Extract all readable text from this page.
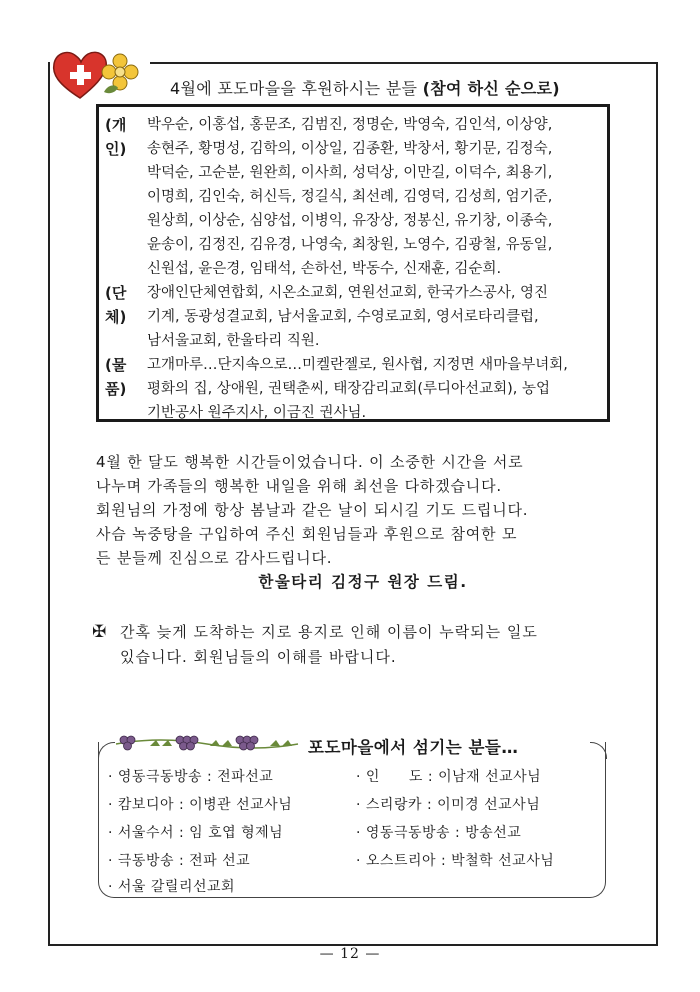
4월에 포도마을을 후원하시는 분들 (참여 하신 순으로)
(개인)
박우순, 이홍섭, 홍문조, 김범진, 정명순, 박영숙, 김인석, 이상양,
송현주, 황명성, 김학의, 이상일, 김종환, 박창서, 황기문, 김정숙,
박덕순, 고순분, 원완희, 이사희, 성덕상, 이만길, 이덕수, 최용기,
이명희, 김인숙, 허신득, 정길식, 최선례, 김영덕, 김성희, 엄기준,
원상희, 이상순, 심양섭, 이병익, 유장상, 정봉신, 유기창, 이종숙,
윤송이, 김정진, 김유경, 나영숙, 최창원, 노영수, 김광철, 유동일,
신원섭, 윤은경, 임태석, 손하선, 박동수, 신재훈, 김순희.
(단체)
장애인단체연합회, 시온소교회, 연원선교회, 한국가스공사, 영진
기계, 동광성결교회, 남서울교회, 수영로교회, 영서로타리클럽,
남서울교회, 한울타리 직원.
(물품)
고개마루…단지속으로…미켈란젤로, 원사협, 지정면 새마을부녀회,
평화의 집, 상애원, 권택춘씨, 태장감리교회(루디아선교회), 농업
기반공사 원주지사, 이금진 권사님.

4월 한 달도 행복한 시간들이었습니다. 이 소중한 시간을 서로

나누며 가족들의 행복한 내일을 위해 최선을 다하겠습니다.

회원님의 가정에 항상 봄날과 같은 날이 되시길 기도 드립니다.

사슴 녹중탕을 구입하여 주신 회원님들과 후원으로 참여한 모

든 분들께 진심으로 감사드립니다.

한울타리 김정구 원장 드림.
✠ 간혹 늦게 도착하는 지로 용지로 인해 이름이 누락되는 일도
있습니다. 회원님들의 이해를 바랍니다.
포도마을에서 섬기는 분들…
· 영동극동방송 : 전파선교	· 인　　도 : 이남재 선교사님
· 캄보디아 : 이병관 선교사님	· 스리랑카 : 이미경 선교사님
· 서울수서 : 임 호엽 형제님	· 영동극동방송 : 방송선교
· 극동방송 : 전파 선교	· 오스트리아 : 박철학 선교사님
· 서울 갈릴리선교회
— 12 —
